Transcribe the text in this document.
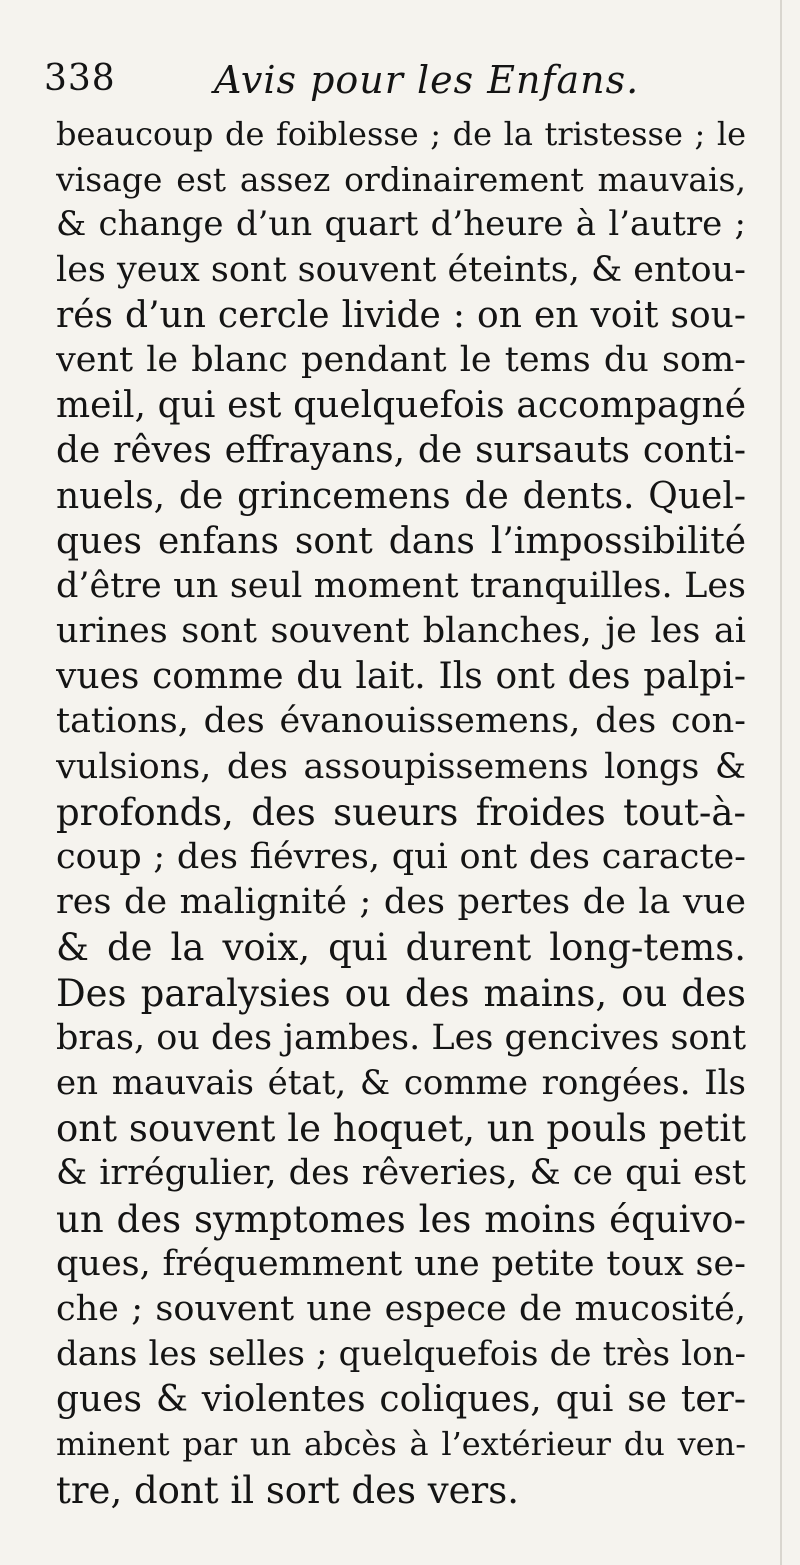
338	Avis pour les Enfans.
beaucoup de foiblesse ; de la tristesse ; le
visage est assez ordinairement mauvais,
& change d’un quart d’heure à l’autre ;
les yeux sont souvent éteints, & entou-
rés d’un cercle livide : on en voit sou-
vent le blanc pendant le tems du som-
meil, qui est quelquefois accompagné
de rêves effrayans, de sursauts conti-
nuels, de grincemens de dents. Quel-
ques enfans sont dans l’impossibilité
d’être un seul moment tranquilles. Les
urines sont souvent blanches, je les ai
vues comme du lait. Ils ont des palpi-
tations, des évanouissemens, des con-
vulsions, des assoupissemens longs &
profonds, des sueurs froides tout-à-
coup ; des fiévres, qui ont des caracte-
res de malignité ; des pertes de la vue
& de la voix, qui durent long-tems.
Des paralysies ou des mains, ou des
bras, ou des jambes. Les gencives sont
en mauvais état, & comme rongées. Ils
ont souvent le hoquet, un pouls petit
& irrégulier, des rêveries, & ce qui est
un des symptomes les moins équivo-
ques, fréquemment une petite toux se-
che ; souvent une espece de mucosité,
dans les selles ; quelquefois de très lon-
gues & violentes coliques, qui se ter-
minent par un abcès à l’extérieur du ven-
tre, dont il sort des vers.
